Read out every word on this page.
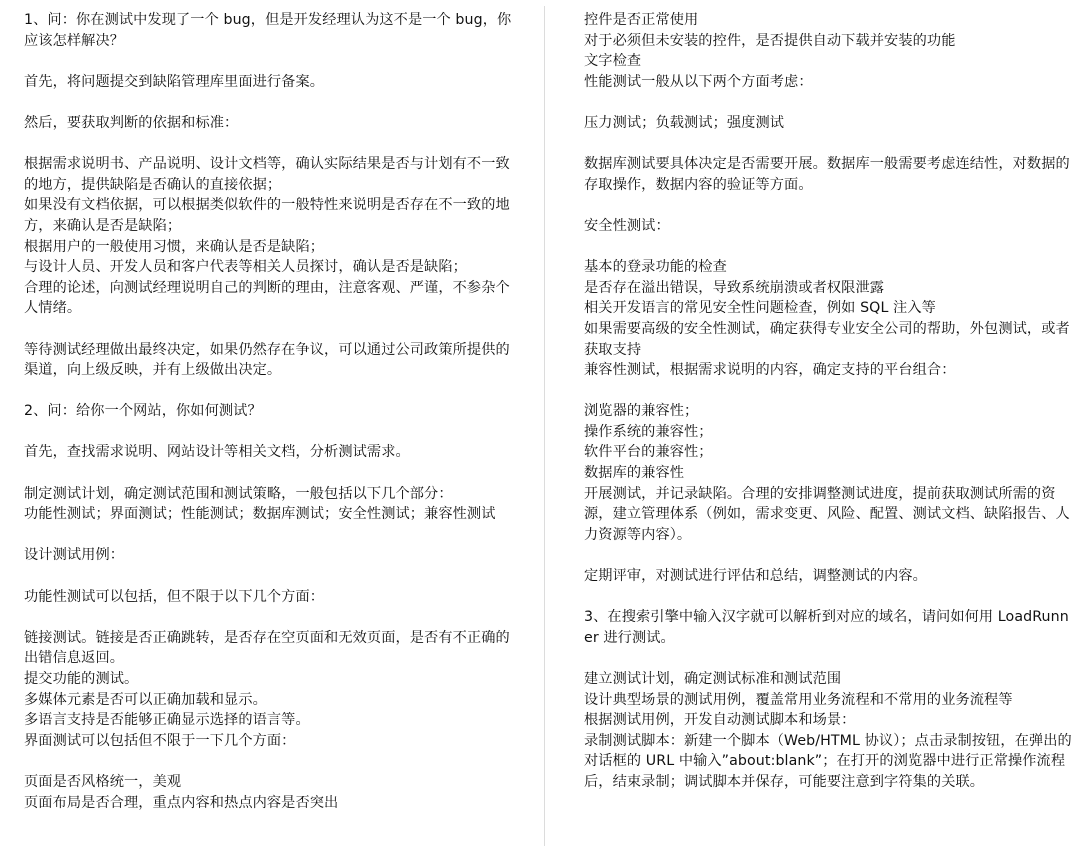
1、问：你在测试中发现了一个 bug，但是开发经理认为这不是一个 bug，你应该怎样解决？

首先，将问题提交到缺陷管理库里面进行备案。

然后，要获取判断的依据和标准：

根据需求说明书、产品说明、设计文档等，确认实际结果是否与计划有不一致的地方，提供缺陷是否确认的直接依据；
如果没有文档依据，可以根据类似软件的一般特性来说明是否存在不一致的地方，来确认是否是缺陷；
根据用户的一般使用习惯，来确认是否是缺陷；
与设计人员、开发人员和客户代表等相关人员探讨，确认是否是缺陷；
合理的论述，向测试经理说明自己的判断的理由，注意客观、严谨，不参杂个人情绪。

等待测试经理做出最终决定，如果仍然存在争议，可以通过公司政策所提供的渠道，向上级反映，并有上级做出决定。

2、问：给你一个网站，你如何测试？

首先，查找需求说明、网站设计等相关文档，分析测试需求。

制定测试计划，确定测试范围和测试策略，一般包括以下几个部分：
功能性测试；界面测试；性能测试；数据库测试；安全性测试；兼容性测试

设计测试用例：

功能性测试可以包括，但不限于以下几个方面：

链接测试。链接是否正确跳转，是否存在空页面和无效页面，是否有不正确的出错信息返回。
提交功能的测试。
多媒体元素是否可以正确加载和显示。
多语言支持是否能够正确显示选择的语言等。
界面测试可以包括但不限于一下几个方面：
页面是否风格统一，美观
页面布局是否合理，重点内容和热点内容是否突出
控件是否正常使用
对于必须但未安装的控件，是否提供自动下载并安装的功能
文字检查
性能测试一般从以下两个方面考虑：

压力测试；负载测试；强度测试

数据库测试要具体决定是否需要开展。数据库一般需要考虑连结性，对数据的存取操作，数据内容的验证等方面。

安全性测试：

基本的登录功能的检查
是否存在溢出错误，导致系统崩溃或者权限泄露
相关开发语言的常见安全性问题检查，例如 SQL 注入等
如果需要高级的安全性测试，确定获得专业安全公司的帮助，外包测试，或者获取支持
兼容性测试，根据需求说明的内容，确定支持的平台组合：
浏览器的兼容性；
操作系统的兼容性；
软件平台的兼容性；
数据库的兼容性
开展测试，并记录缺陷。合理的安排调整测试进度，提前获取测试所需的资源，建立管理体系（例如，需求变更、风险、配置、测试文档、缺陷报告、人力资源等内容）。

定期评审，对测试进行评估和总结，调整测试的内容。

3、在搜索引擎中输入汉字就可以解析到对应的域名，请问如何用 LoadRunner 进行测试。

建立测试计划，确定测试标准和测试范围
设计典型场景的测试用例，覆盖常用业务流程和不常用的业务流程等
根据测试用例，开发自动测试脚本和场景：
录制测试脚本：新建一个脚本（Web/HTML 协议）；点击录制按钮，在弹出的对话框的 URL 中输入”about:blank”；在打开的浏览器中进行正常操作流程后，结束录制；调试脚本并保存，可能要注意到字符集的关联。
